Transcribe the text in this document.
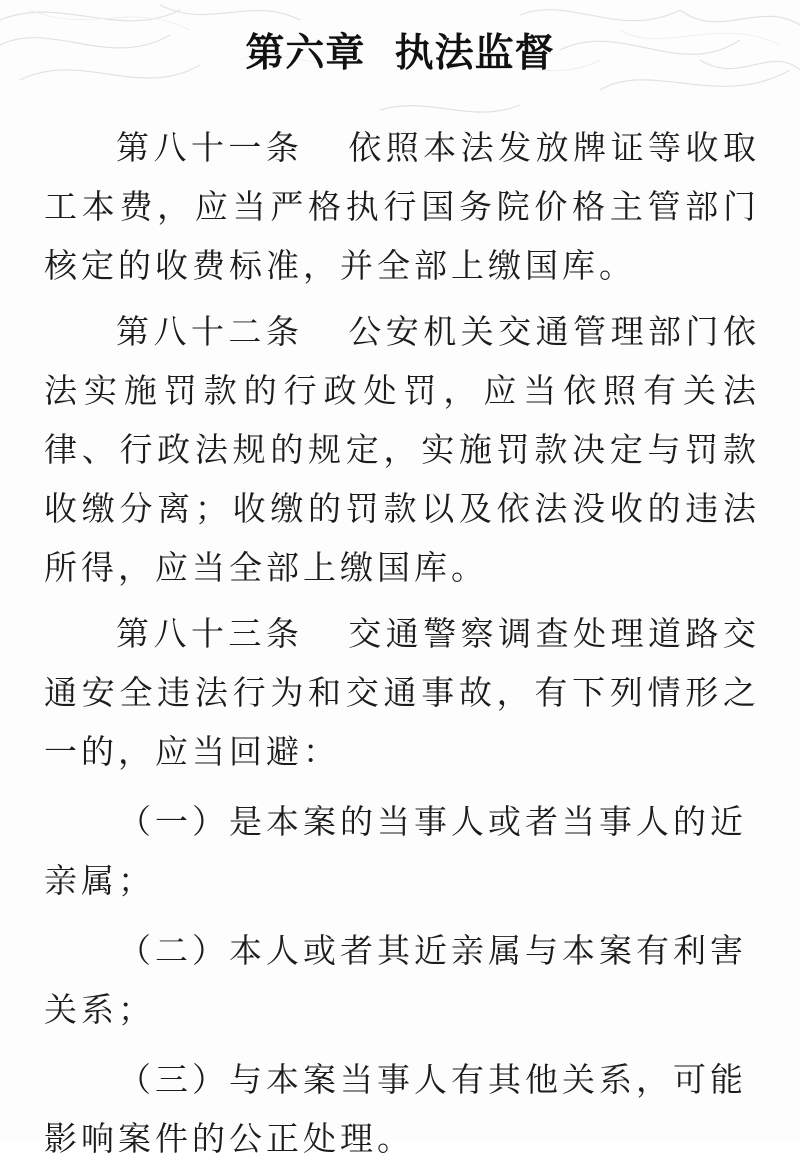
第六章  执法监督

第八十一条 依照本法发放牌证等收取工本费，应当严格执行国务院价格主管部门核定的收费标准，并全部上缴国库。

第八十二条 公安机关交通管理部门依法实施罚款的行政处罚，应当依照有关法律、行政法规的规定，实施罚款决定与罚款收缴分离；收缴的罚款以及依法没收的违法所得，应当全部上缴国库。

第八十三条 交通警察调查处理道路交通安全违法行为和交通事故，有下列情形之一的，应当回避：

（一）是本案的当事人或者当事人的近亲属；

（二）本人或者其近亲属与本案有利害关系；

（三）与本案当事人有其他关系，可能影响案件的公正处理。
